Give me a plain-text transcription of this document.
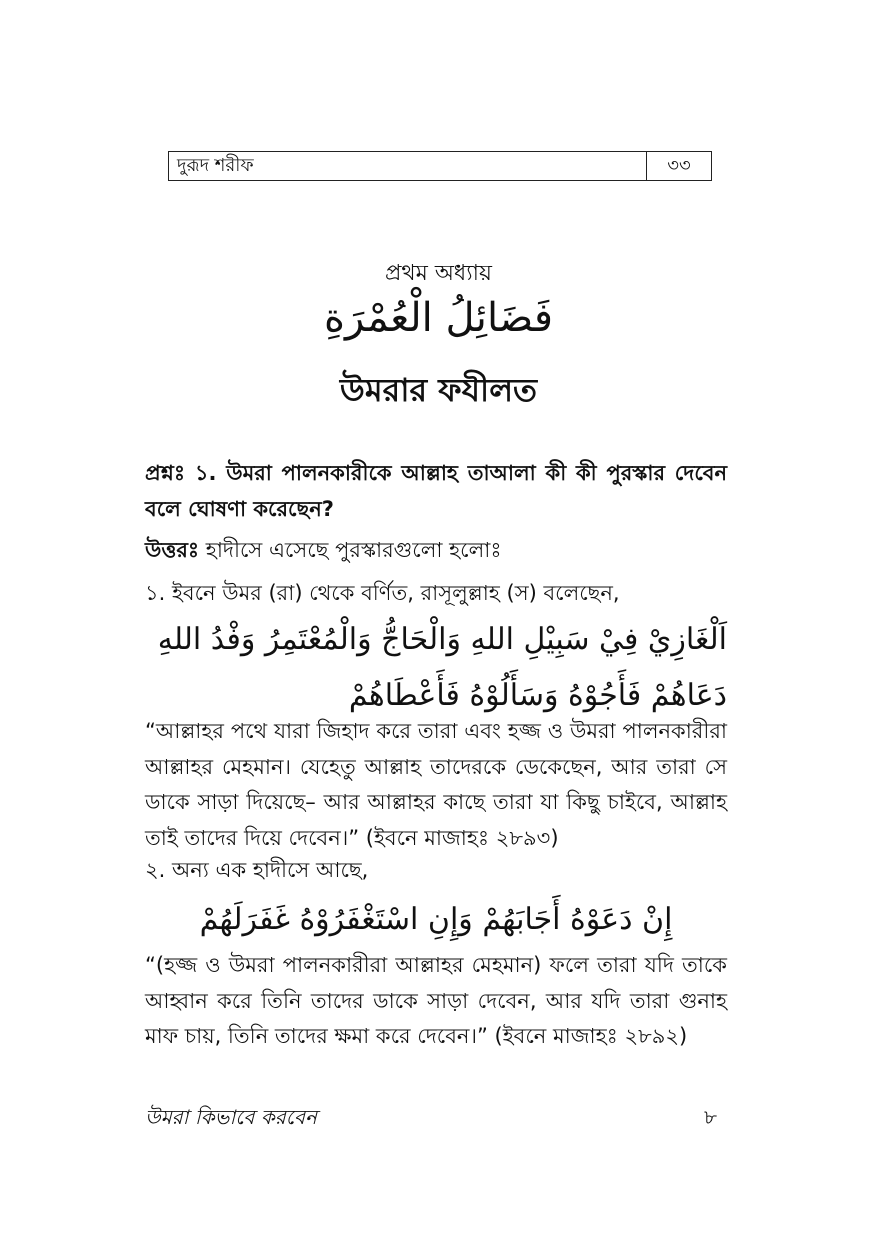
দুরূদ শরীফ	৩৩
প্রথম অধ্যায়
فَضَائِلُ الْعُمْرَةِ
উমরার ফযীলত
প্রশ্নঃ ১. উমরা পালনকারীকে আল্লাহ তাআলা কী কী পুরস্কার দেবেন বলে ঘোষণা করেছেন?
উত্তরঃ হাদীসে এসেছে পুরস্কারগুলো হলোঃ
১. ইবনে উমর (রা) থেকে বর্ণিত, রাসূলুল্লাহ (স) বলেছেন,
اَلْغَازِيْ فِيْ سَبِيْلِ اللهِ وَالْحَاجُّ وَالْمُعْتَمِرُ وَفْدُ اللهِ دَعَاهُمْ فَأَجُوْهُ وَسَأَلُوْهُ فَأَعْطَاهُمْ
“আল্লাহর পথে যারা জিহাদ করে তারা এবং হজ্জ ও উমরা পালনকারীরা আল্লাহর মেহমান। যেহেতু আল্লাহ তাদেরকে ডেকেছেন, আর তারা সে ডাকে সাড়া দিয়েছে– আর আল্লাহর কাছে তারা যা কিছু চাইবে, আল্লাহ তাই তাদের দিয়ে দেবেন।” (ইবনে মাজাহঃ ২৮৯৩)
২. অন্য এক হাদীসে আছে,
إِنْ دَعَوْهُ أَجَابَهُمْ وَإِنِ اسْتَغْفَرُوْهُ غَفَرَلَهُمْ
“(হজ্জ ও উমরা পালনকারীরা আল্লাহর মেহমান) ফলে তারা যদি তাকে আহ্বান করে তিনি তাদের ডাকে সাড়া দেবেন, আর যদি তারা গুনাহ মাফ চায়, তিনি তাদের ক্ষমা করে দেবেন।” (ইবনে মাজাহঃ ২৮৯২)
উমরা কিভাবে করবেন	৮
